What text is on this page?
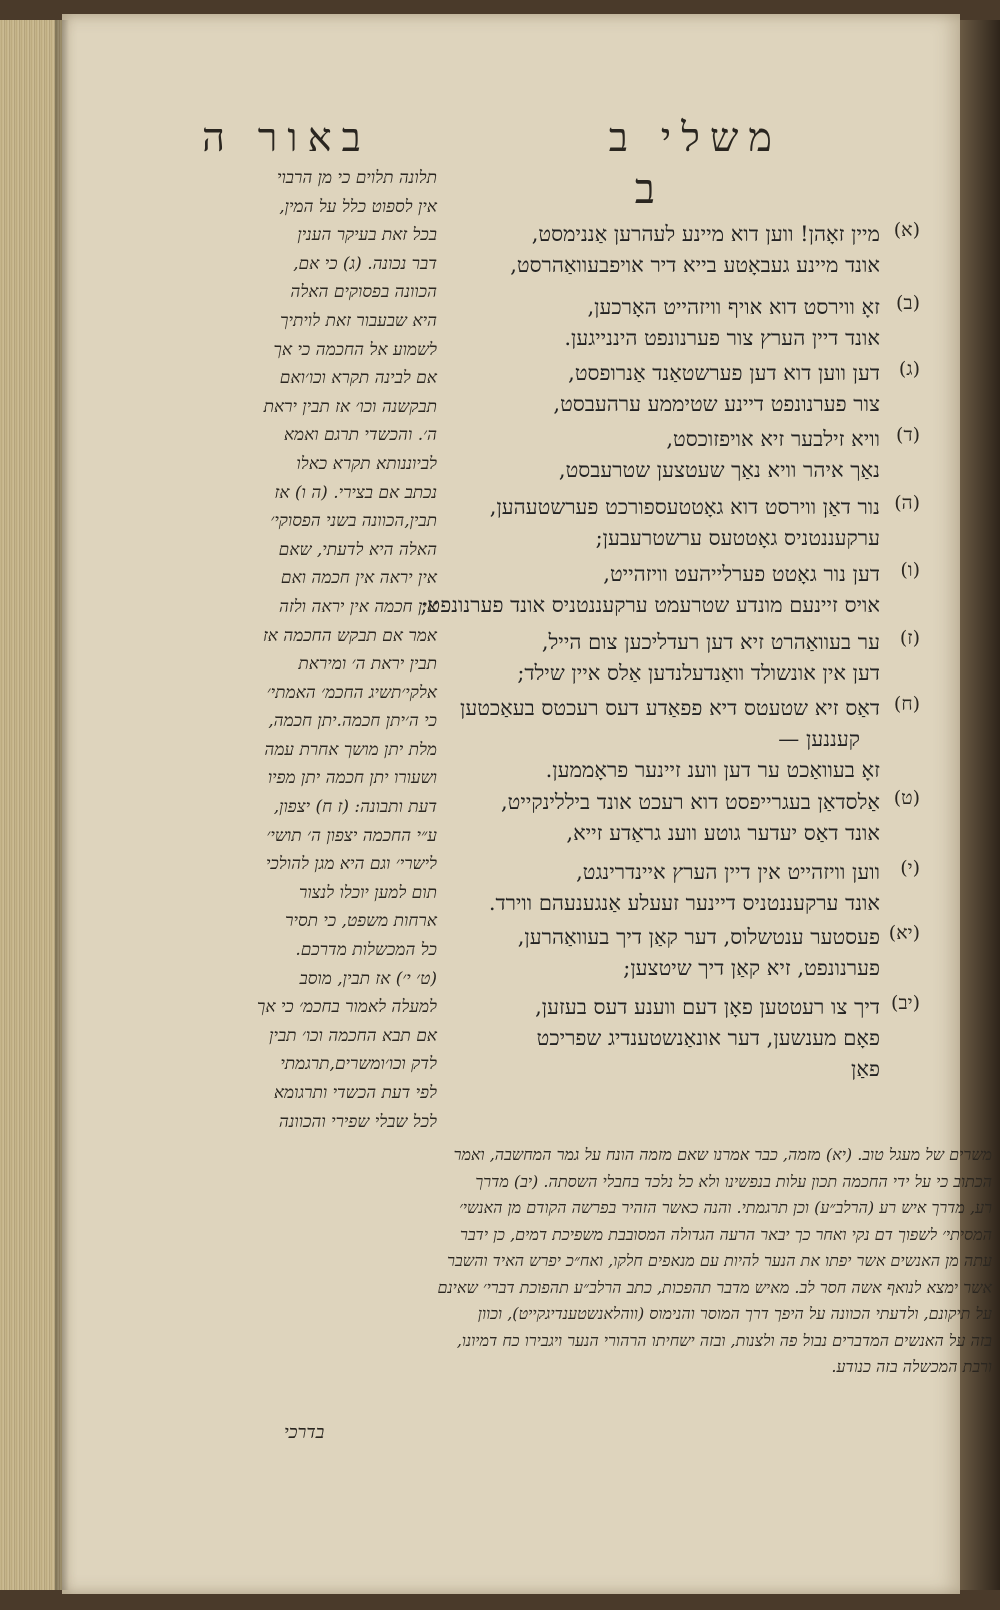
משלי ב
באור ה
ב
תלונה תלוים כי מן הרבוי
אין לספוט כלל על המין,
בכל זאת בעיקר הענין
דבר נכונה. (ג) כי אם,
הכוונה בפסוקים האלה
היא שבעבור זאת לויתיך
לשמוע אל החכמה כי אך
אם לבינה תקרא וכו׳ואם
תבקשנה וכו׳ אז תבין יראת
ה׳. והכשדי תרגם ואמא
לביוננותא תקרא כאלו
נכתב אם בצירי. (ה ו) אז
תבין,הכוונה בשני הפסוקי׳
האלה היא לדעתי, שאם
אין יראה אין חכמה ואם
אין חכמה אין יראה ולזה
אמר אם תבקש החכמה אז
תבין יראת ה׳ ומיראת
אלקי׳תשיג החכמ׳ האמתי׳
כי ה׳יתן חכמה.יתן חכמה,
מלת יתן מושך אחרת עמה
ושעורו יתן חכמה יתן מפיו
דעת ותבונה: (ז ח) יצפון,
ע״י החכמה יצפון ה׳ תושי׳
לישרי׳ וגם היא מגן להולכי
תום למען יוכלו לנצור
ארחות משפט, כי תסיר
כל המכשלות מדרכם.
(ט׳ י׳) אז תבין, מוסב
למעלה לאמור בחכמ׳ כי אך
אם תבא החכמה וכו׳ תבין
לדק וכו׳ומשרים,תרגמתי
לפי דעת הכשדי ותרגומא
לכל שבלי שפירי והכוונה
(א)
מיין זאָהן! ווען דוא מיינע לעהרען אַננימסט,
אונד מיינע געבאָטע בייא דיר אויפבעוואַהרסט,
(ב)
זאָ ווירסט דוא אויף וויזהייט האָרכען,
אונד דיין הערץ צור פערנונפט היננייגען.
(ג)
דען ווען דוא דען פערשטאַנד אַנרופסט,
צור פערנונפט דיינע שטיממע ערהעבסט,
(ד)
וויא זילבער זיא אויפזוכסט,
נאַך איהר וויא נאַך שעטצען שטרעבסט,
(ה)
נור דאַן ווירסט דוא גאָטטעספורכט פערשטעהען,
ערקעננטניס גאָטטעס ערשטרעבען;
(ו)
דען נור גאָטט פערלייהעט וויזהייט,
אויס זיינעם מונדע שטרעמט ערקעננטניס אונד פערנונפט;
(ז)
ער בעוואַהרט זיא דען רעדליכען צום הייל,
דען אין אונשולד וואַנדעלנדען אַלס איין שילד;
(ח)
דאַס זיא שטעטס דיא פפאַדע דעס רעכטס בעאַכטען
קעננען —
זאָ בעוואַכט ער דען ווענ זיינער פראָממען.
(ט)
אַלסדאַן בעגרייפסט דוא רעכט אונד ביללינקייט,
אונד דאַס יעדער גוטע ווענ גראַדע זייא,
(י)
ווען וויזהייט אין דיין הערץ איינדרינגט,
אונד ערקעננטניס דיינער זעעלע אַנגענעהם ווירד.
(יא)
פעסטער ענטשלוס, דער קאַן דיך בעוואַהרען,
פערנונפט, זיא קאַן דיך שיטצען;
(יב)
דיך צו רעטטען פאָן דעם ווענע דעס בעזען,
פאָם מענשען, דער אונאַנשטענדיג שפריכט
פאַן
משרים של מעגל טוב. (יא) מזמה, כבר אמרנו שאם מזמה הונח על גמר המחשבה, ואמר
הכתוב כי על ידי החכמה תכון עלות בנפשינו ולא כל נלכד בחבלי השסתה. (יב) מדרך
רע, מדרך איש רע (הרלב״ע) וכן תרגמתי. והנה כאשר הזהיר בפרשה הקודם מן האנשי׳
המסיתי׳ לשפוך דם נקי ואחר כך יבאר הרעה הגדולה המסובבת משפיכת דמים, כן ידבר
עתה מן האנשים אשר יפתו את הנער להיות עם מנאפים חלקו, ואח״כ יפרש האיד והשבר
אשר ימצא לנואף אשה חסר לב. מאיש מדבר תהפכות, כתב הרלב״ע תהפוכת דברי׳ שאינם
על תיקונם, ולדעתי הכוונה על היפך דרך המוסר והנימוס (ווהלאנשטענדיגקייט), וכוון
בזה על האנשים המדברים נבול פה ולצנות, ובזה ישחיתו הרהורי הנער ויגבירו כח דמיונו,
ורבת המכשלה בזה כנודע.
בדרכי
